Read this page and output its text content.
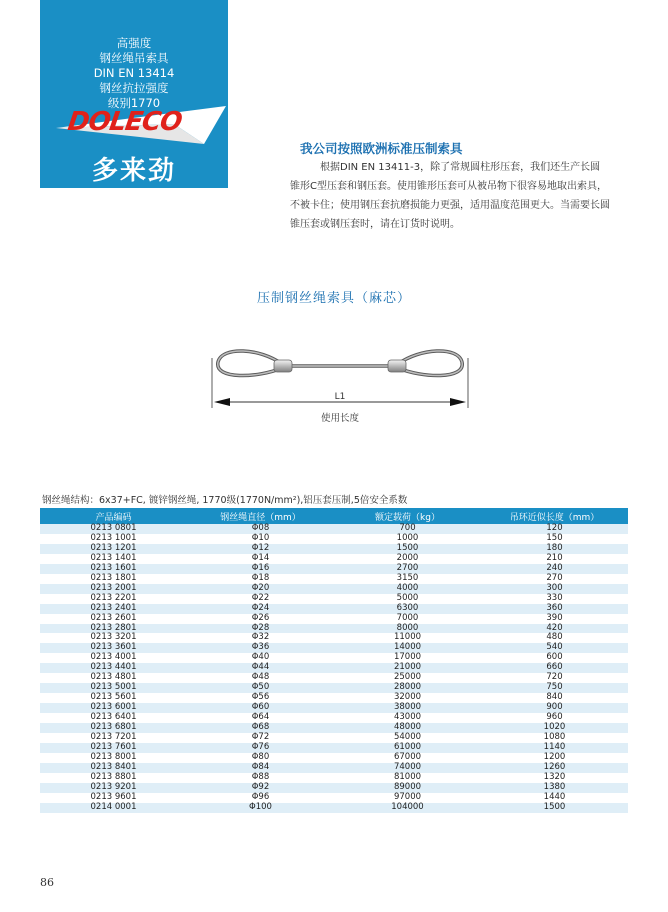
高强度
钢丝绳吊索具
DIN EN 13414
钢丝抗拉强度
级别1770
DOLECO
多来劲
我公司按照欧洲标准压制索具
根据DIN EN 13411-3，除了常规圆柱形压套，我们还生产长圆锥形C型压套和钢压套。使用锥形压套可从被吊物下很容易地取出索具，不被卡住；使用钢压套抗磨损能力更强，适用温度范围更大。当需要长圆锥压套或钢压套时，请在订货时说明。
压制钢丝绳索具（麻芯）
L1
使用长度
钢丝绳结构：6x37+FC, 镀锌钢丝绳, 1770级(1770N/mm²),铝压套压制,5倍安全系数
产品编码	钢丝绳直径（mm）	额定载荷（kg）	吊环近似长度（mm）
0213 0801	Φ08	700	120
0213 1001	Φ10	1000	150
0213 1201	Φ12	1500	180
0213 1401	Φ14	2000	210
0213 1601	Φ16	2700	240
0213 1801	Φ18	3150	270
0213 2001	Φ20	4000	300
0213 2201	Φ22	5000	330
0213 2401	Φ24	6300	360
0213 2601	Φ26	7000	390
0213 2801	Φ28	8000	420
0213 3201	Φ32	11000	480
0213 3601	Φ36	14000	540
0213 4001	Φ40	17000	600
0213 4401	Φ44	21000	660
0213 4801	Φ48	25000	720
0213 5001	Φ50	28000	750
0213 5601	Φ56	32000	840
0213 6001	Φ60	38000	900
0213 6401	Φ64	43000	960
0213 6801	Φ68	48000	1020
0213 7201	Φ72	54000	1080
0213 7601	Φ76	61000	1140
0213 8001	Φ80	67000	1200
0213 8401	Φ84	74000	1260
0213 8801	Φ88	81000	1320
0213 9201	Φ92	89000	1380
0213 9601	Φ96	97000	1440
0214 0001	Φ100	104000	1500
86
